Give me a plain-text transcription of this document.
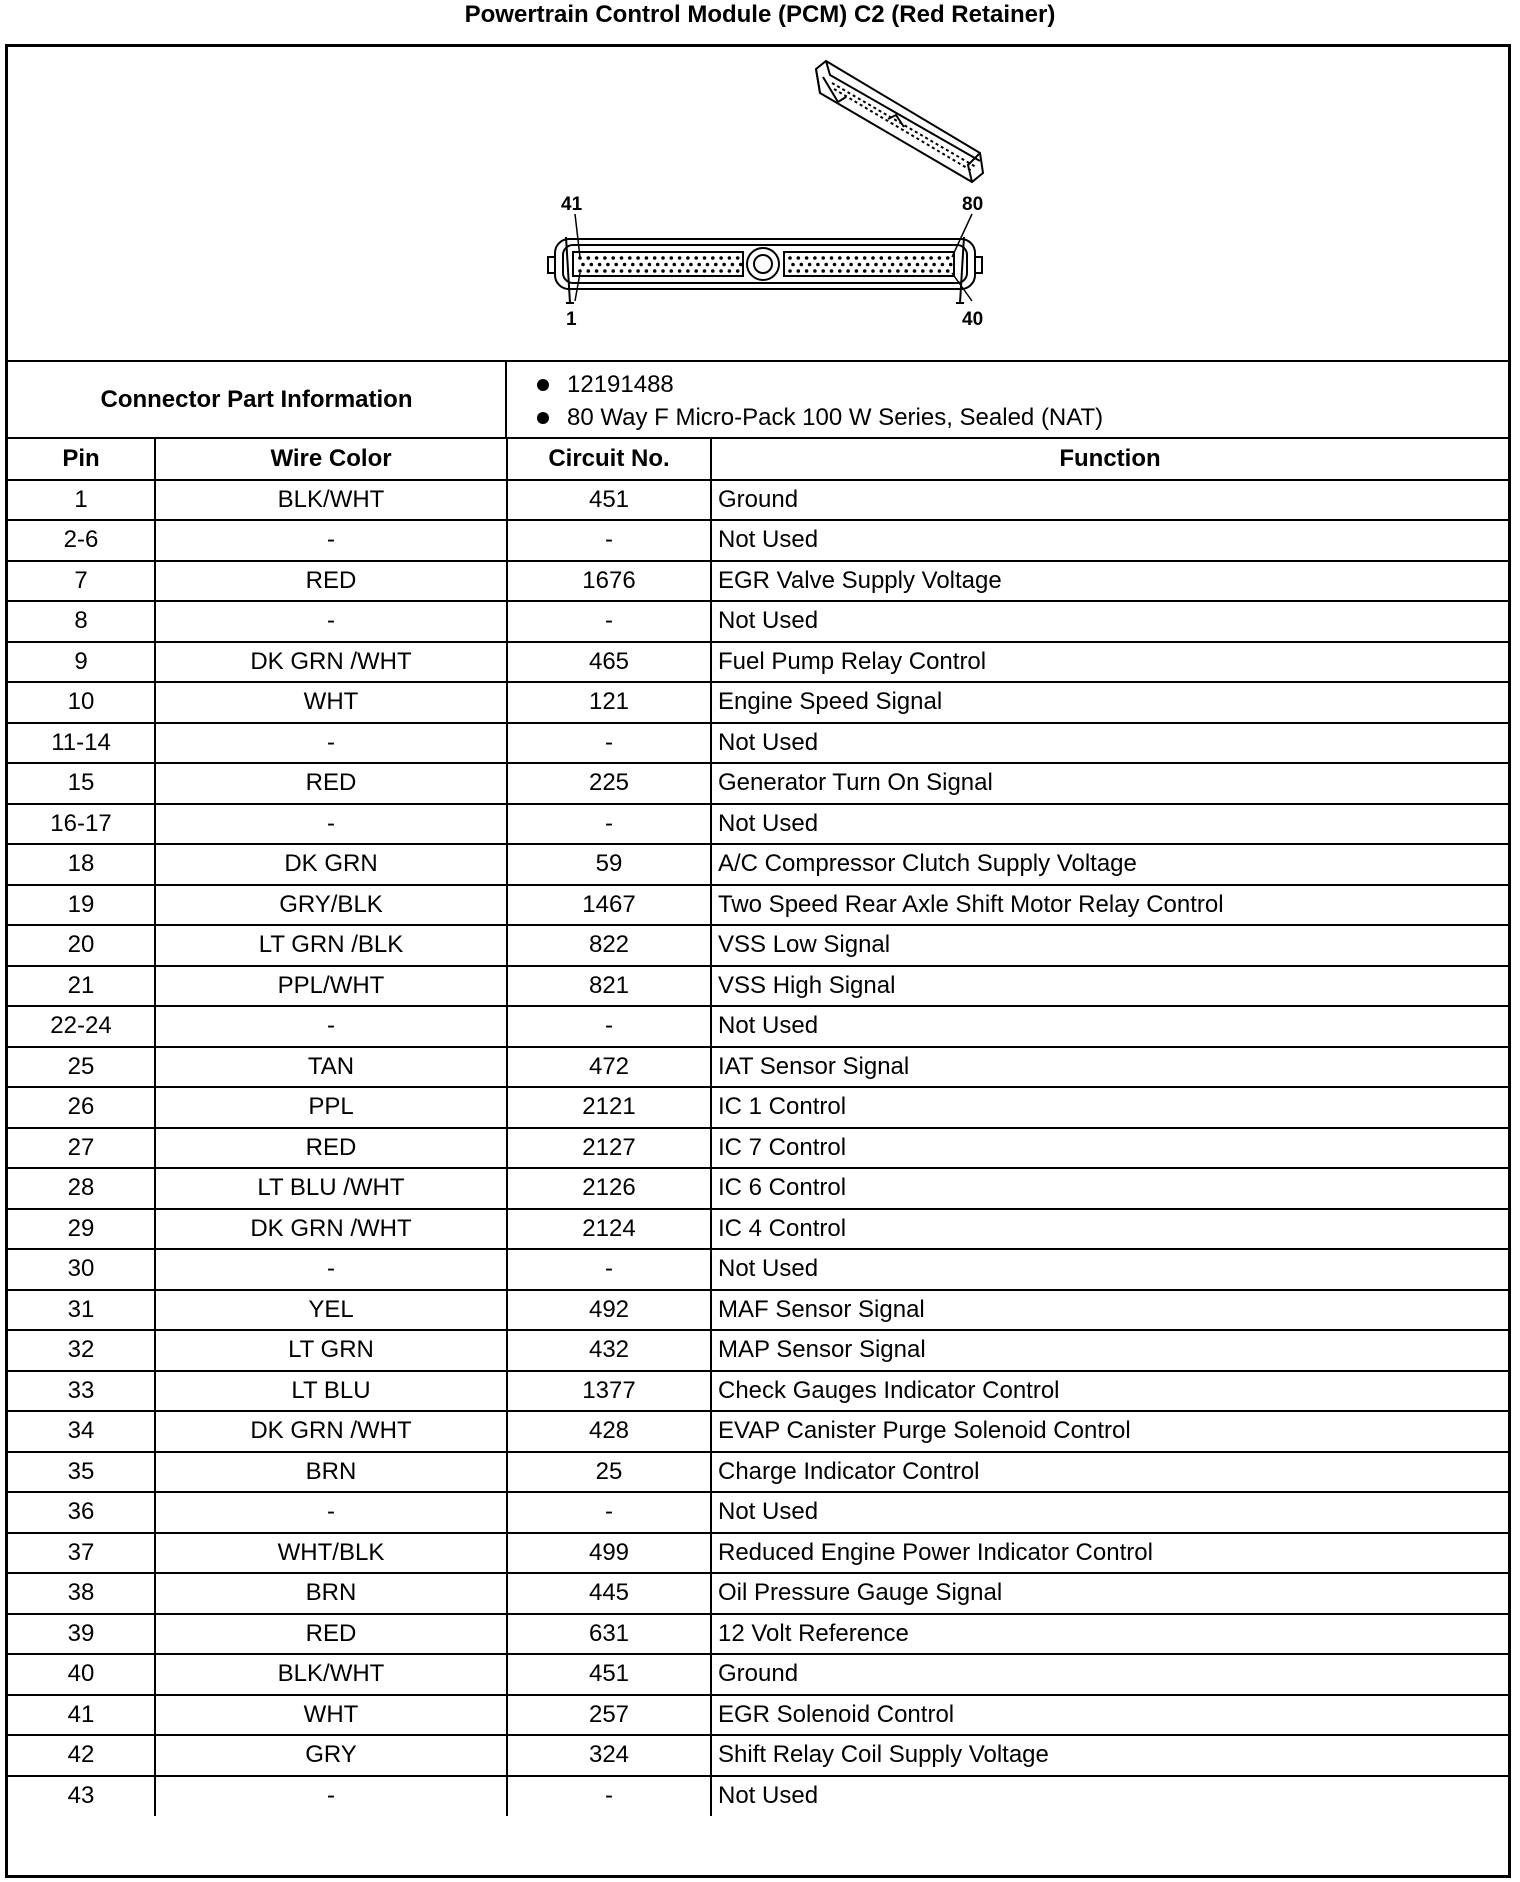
Powertrain Control Module (PCM) C2 (Red Retainer)
41	80
1	40
Connector Part Information
12191488
80 Way F Micro-Pack 100 W Series, Sealed (NAT)
Pin	Wire Color	Circuit No.	Function
1	BLK/WHT	451	Ground
2-6	-	-	Not Used
7	RED	1676	EGR Valve Supply Voltage
8	-	-	Not Used
9	DK GRN /WHT	465	Fuel Pump Relay Control
10	WHT	121	Engine Speed Signal
11-14	-	-	Not Used
15	RED	225	Generator Turn On Signal
16-17	-	-	Not Used
18	DK GRN	59	A/C Compressor Clutch Supply Voltage
19	GRY/BLK	1467	Two Speed Rear Axle Shift Motor Relay Control
20	LT GRN /BLK	822	VSS Low Signal
21	PPL/WHT	821	VSS High Signal
22-24	-	-	Not Used
25	TAN	472	IAT Sensor Signal
26	PPL	2121	IC 1 Control
27	RED	2127	IC 7 Control
28	LT BLU /WHT	2126	IC 6 Control
29	DK GRN /WHT	2124	IC 4 Control
30	-	-	Not Used
31	YEL	492	MAF Sensor Signal
32	LT GRN	432	MAP Sensor Signal
33	LT BLU	1377	Check Gauges Indicator Control
34	DK GRN /WHT	428	EVAP Canister Purge Solenoid Control
35	BRN	25	Charge Indicator Control
36	-	-	Not Used
37	WHT/BLK	499	Reduced Engine Power Indicator Control
38	BRN	445	Oil Pressure Gauge Signal
39	RED	631	12 Volt Reference
40	BLK/WHT	451	Ground
41	WHT	257	EGR Solenoid Control
42	GRY	324	Shift Relay Coil Supply Voltage
43	-	-	Not Used
